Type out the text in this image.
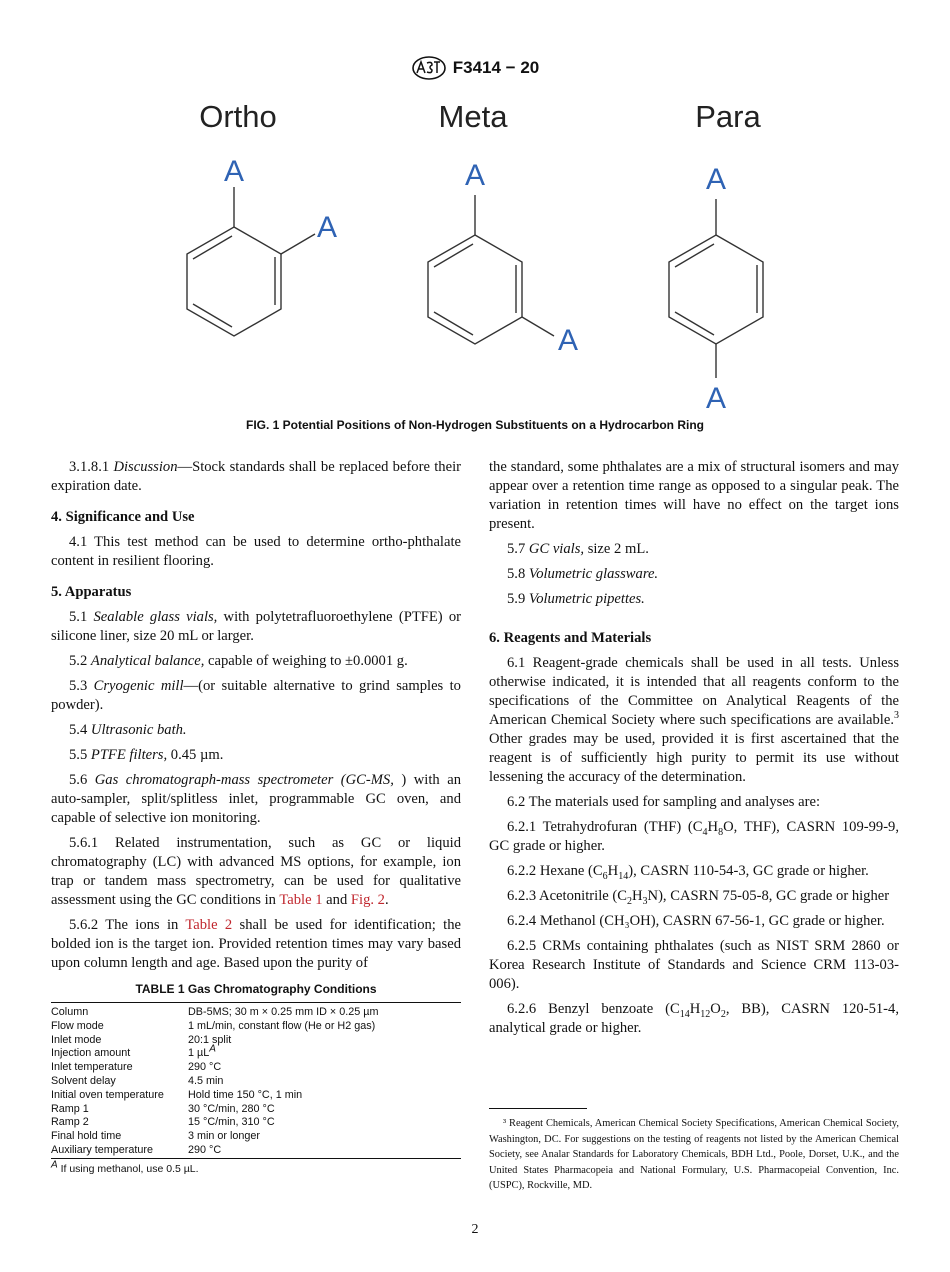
F3414 − 20
Ortho	Meta	Para
A
A
A
A
A
A
FIG. 1 Potential Positions of Non-Hydrogen Substituents on a Hydrocarbon Ring

3.1.8.1 Discussion—Stock standards shall be replaced before their expiration date.

4. Significance and Use

4.1 This test method can be used to determine ortho-phthalate content in resilient flooring.

5. Apparatus

5.1 Sealable glass vials, with polytetrafluoroethylene (PTFE) or silicone liner, size 20 mL or larger.

5.2 Analytical balance, capable of weighing to ±0.0001 g.

5.3 Cryogenic mill—(or suitable alternative to grind samples to powder).

5.4 Ultrasonic bath.

5.5 PTFE filters, 0.45 µm.

5.6 Gas chromatograph-mass spectrometer (GC-MS, ) with an auto-sampler, split/splitless inlet, programmable GC oven, and capable of selective ion monitoring.

5.6.1 Related instrumentation, such as GC or liquid chromatography (LC) with advanced MS options, for example, ion trap or tandem mass spectrometry, can be used for qualitative assessment using the GC conditions in Table 1 and Fig. 2.

5.6.2 The ions in Table 2 shall be used for identification; the bolded ion is the target ion. Provided retention times may vary based upon column length and age. Based upon the purity of

TABLE 1 Gas Chromatography Conditions
Column	DB-5MS; 30 m × 0.25 mm ID × 0.25 µm
Flow mode	1 mL/min, constant flow (He or H2 gas)
Inlet mode	20:1 split
Injection amount	1 µL$^A$
Inlet temperature	290 °C
Solvent delay	4.5 min
Initial oven temperature	Hold time 150 °C, 1 min
Ramp 1	30 °C/min, 280 °C
Ramp 2	15 °C/min, 310 °C
Final hold time	3 min or longer
Auxiliary temperature	290 °C
$^A$ If using methanol, use 0.5 µL.

the standard, some phthalates are a mix of structural isomers and may appear over a retention time range as opposed to a singular peak. The variation in retention times will have no effect on the target ions present.

5.7 GC vials, size 2 mL.

5.8 Volumetric glassware.

5.9 Volumetric pipettes.

6. Reagents and Materials

6.1 Reagent-grade chemicals shall be used in all tests. Unless otherwise indicated, it is intended that all reagents conform to the specifications of the Committee on Analytical Reagents of the American Chemical Society where such specifications are available.$^3$ Other grades may be used, provided it is first ascertained that the reagent is of sufficiently high purity to permit its use without lessening the accuracy of the determination.

6.2 The materials used for sampling and analyses are:

6.2.1 Tetrahydrofuran (THF) ($C_4H_8O$, THF), CASRN 109-99-9, GC grade or higher.

6.2.2 Hexane $(C_6H_{14})$, CASRN 110-54-3, GC grade or higher.

6.2.3 Acetonitrile $(C_2H_3N)$, CASRN 75-05-8, GC grade or higher

6.2.4 Methanol (CH₃OH), CASRN 67-56-1, GC grade or higher.

6.2.5 CRMs containing phthalates (such as NIST SRM 2860 or Korea Research Institute of Standards and Science CRM 113-03-006).

6.2.6 Benzyl benzoate ($C_{14}H_{12}O_2$, BB), CASRN 120-51-4, analytical grade or higher.

³ Reagent Chemicals, American Chemical Society Specifications, American Chemical Society, Washington, DC. For suggestions on the testing of reagents not listed by the American Chemical Society, see Analar Standards for Laboratory Chemicals, BDH Ltd., Poole, Dorset, U.K., and the United States Pharmacopeia and National Formulary, U.S. Pharmacopeial Convention, Inc. (USPC), Rockville, MD.
2
